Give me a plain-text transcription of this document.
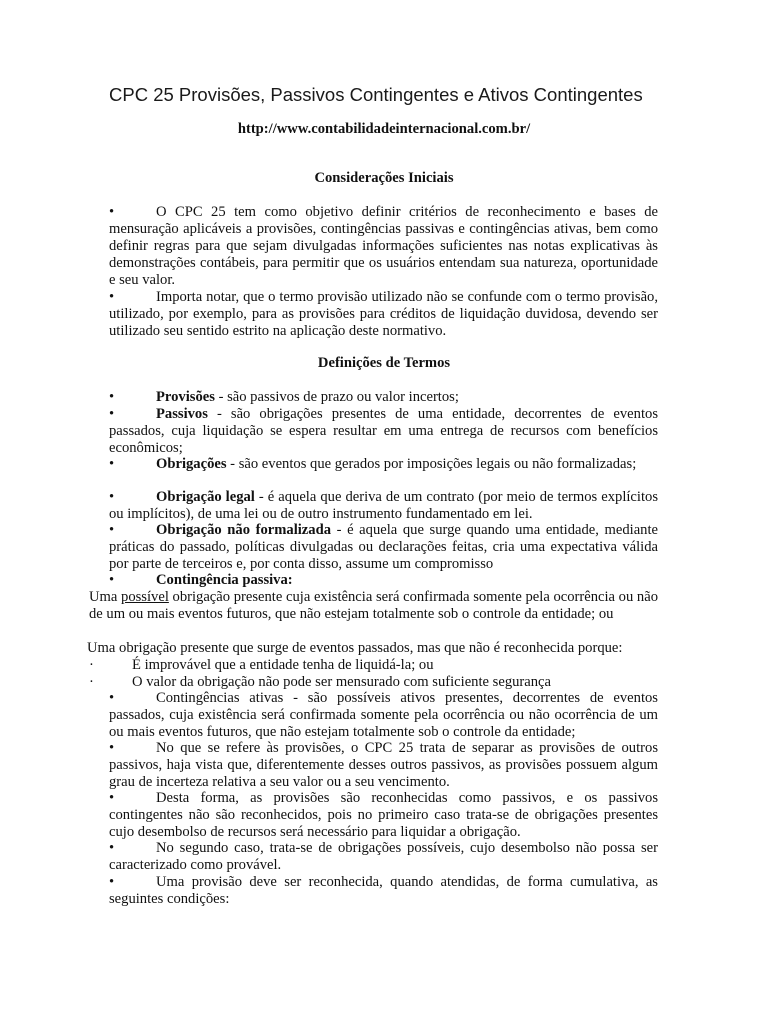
CPC 25 Provisões, Passivos Contingentes e Ativos Contingentes
http://www.contabilidadeinternacional.com.br/
Considerações Iniciais
•O CPC 25 tem como objetivo definir critérios de reconhecimento e bases de mensuração aplicáveis a provisões, contingências passivas e contingências ativas, bem como definir regras para que sejam divulgadas informações suficientes nas notas explicativas às demonstrações contábeis, para permitir que os usuários entendam sua natureza, oportunidade e seu valor.
•Importa notar, que o termo provisão utilizado não se confunde com o termo provisão, utilizado, por exemplo, para as provisões para créditos de liquidação duvidosa, devendo ser utilizado seu sentido estrito na aplicação deste normativo.
Definições de Termos
•Provisões - são passivos de prazo ou valor incertos;
•Passivos - são obrigações presentes de uma entidade, decorrentes de eventos passados, cuja liquidação se espera resultar em uma entrega de recursos com benefícios econômicos;
•Obrigações - são eventos que gerados por imposições legais ou não formalizadas;
•Obrigação legal - é aquela que deriva de um contrato (por meio de termos explícitos ou implícitos), de uma lei ou de outro instrumento fundamentado em lei.
•Obrigação não formalizada - é aquela que surge quando uma entidade, mediante práticas do passado, políticas divulgadas ou declarações feitas, cria uma expectativa válida por parte de terceiros e, por conta disso, assume um compromisso
•Contingência passiva:
Uma possível obrigação presente cuja existência será confirmada somente pela ocorrência ou não de um ou mais eventos futuros, que não estejam totalmente sob o controle da entidade; ou
Uma obrigação presente que surge de eventos passados, mas que não é reconhecida porque:
· É improvável que a entidade tenha de liquidá-la; ou
· O valor da obrigação não pode ser mensurado com suficiente segurança
•Contingências ativas - são possíveis ativos presentes, decorrentes de eventos passados, cuja existência será confirmada somente pela ocorrência ou não ocorrência de um ou mais eventos futuros, que não estejam totalmente sob o controle da entidade;
•No que se refere às provisões, o CPC 25 trata de separar as provisões de outros passivos, haja vista que, diferentemente desses outros passivos, as provisões possuem algum grau de incerteza relativa a seu valor ou a seu vencimento.
•Desta forma, as provisões são reconhecidas como passivos, e os passivos contingentes não são reconhecidos, pois no primeiro caso trata-se de obrigações presentes cujo desembolso de recursos será necessário para liquidar a obrigação.
•No segundo caso, trata-se de obrigações possíveis, cujo desembolso não possa ser caracterizado como provável.
•Uma provisão deve ser reconhecida, quando atendidas, de forma cumulativa, as seguintes condições:
